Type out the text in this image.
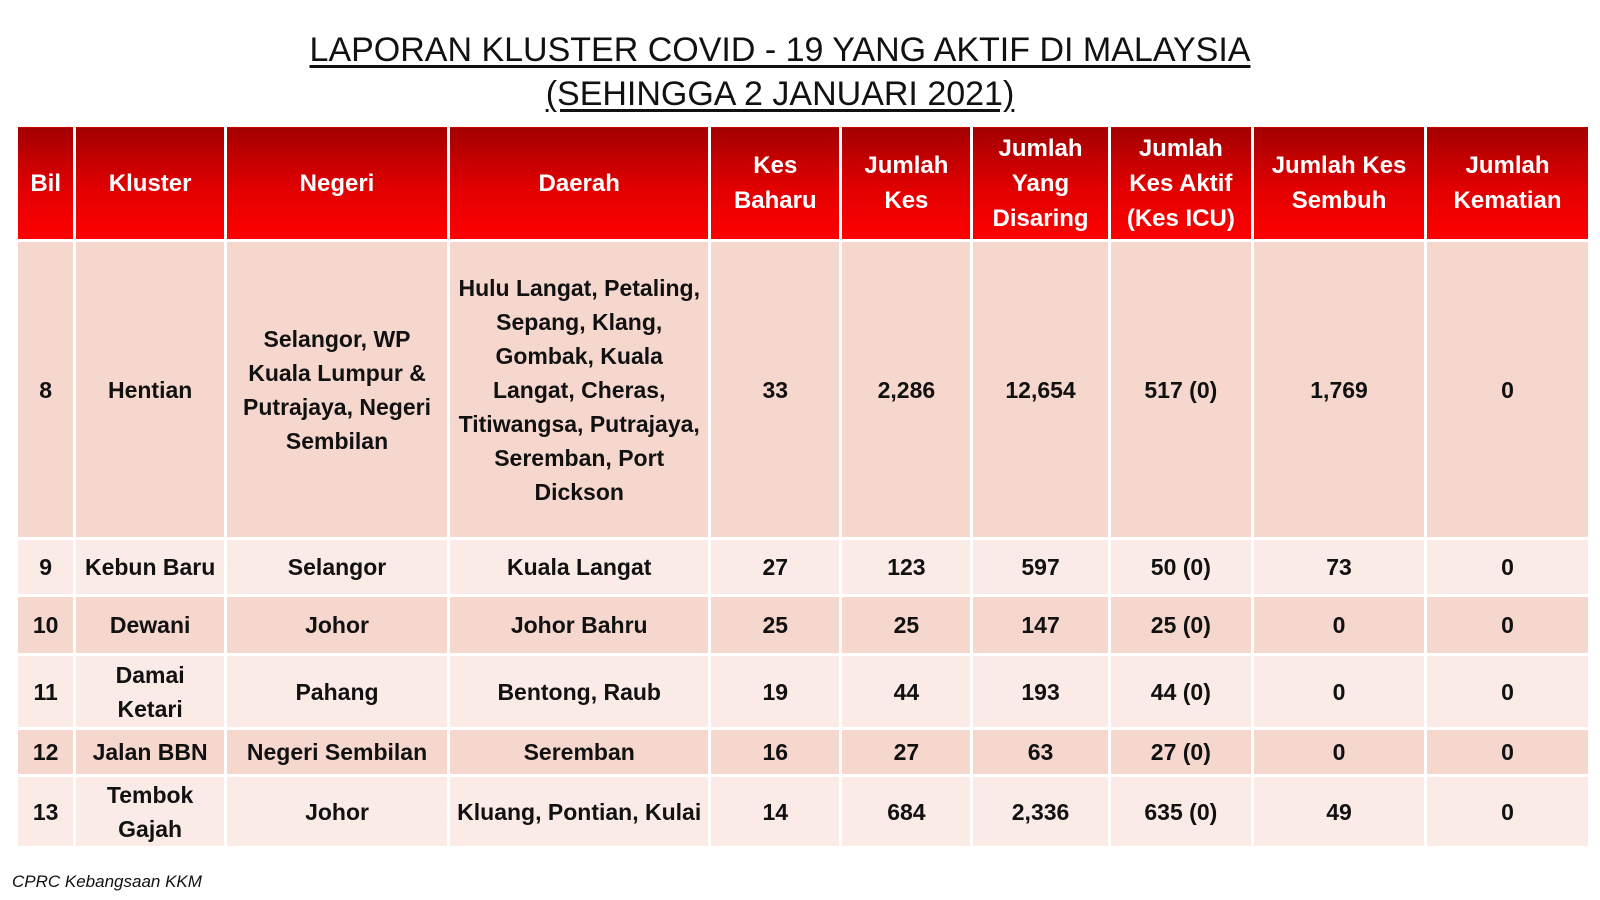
LAPORAN KLUSTER COVID - 19 YANG AKTIF DI MALAYSIA
(SEHINGGA 2 JANUARI 2021)
Bil	Kluster	Negeri	Daerah	Kes Baharu	Jumlah Kes	Jumlah Yang Disaring	Jumlah Kes Aktif (Kes ICU)	Jumlah Kes Sembuh	Jumlah Kematian
8	Hentian	Selangor, WP Kuala Lumpur & Putrajaya, Negeri Sembilan	Hulu Langat, Petaling, Sepang, Klang, Gombak, Kuala Langat, Cheras, Titiwangsa, Putrajaya, Seremban, Port Dickson	33	2,286	12,654	517 (0)	1,769	0
9	Kebun Baru	Selangor	Kuala Langat	27	123	597	50 (0)	73	0
10	Dewani	Johor	Johor Bahru	25	25	147	25 (0)	0	0
11	Damai Ketari	Pahang	Bentong, Raub	19	44	193	44 (0)	0	0
12	Jalan BBN	Negeri Sembilan	Seremban	16	27	63	27 (0)	0	0
13	Tembok Gajah	Johor	Kluang, Pontian, Kulai	14	684	2,336	635 (0)	49	0
CPRC Kebangsaan KKM
